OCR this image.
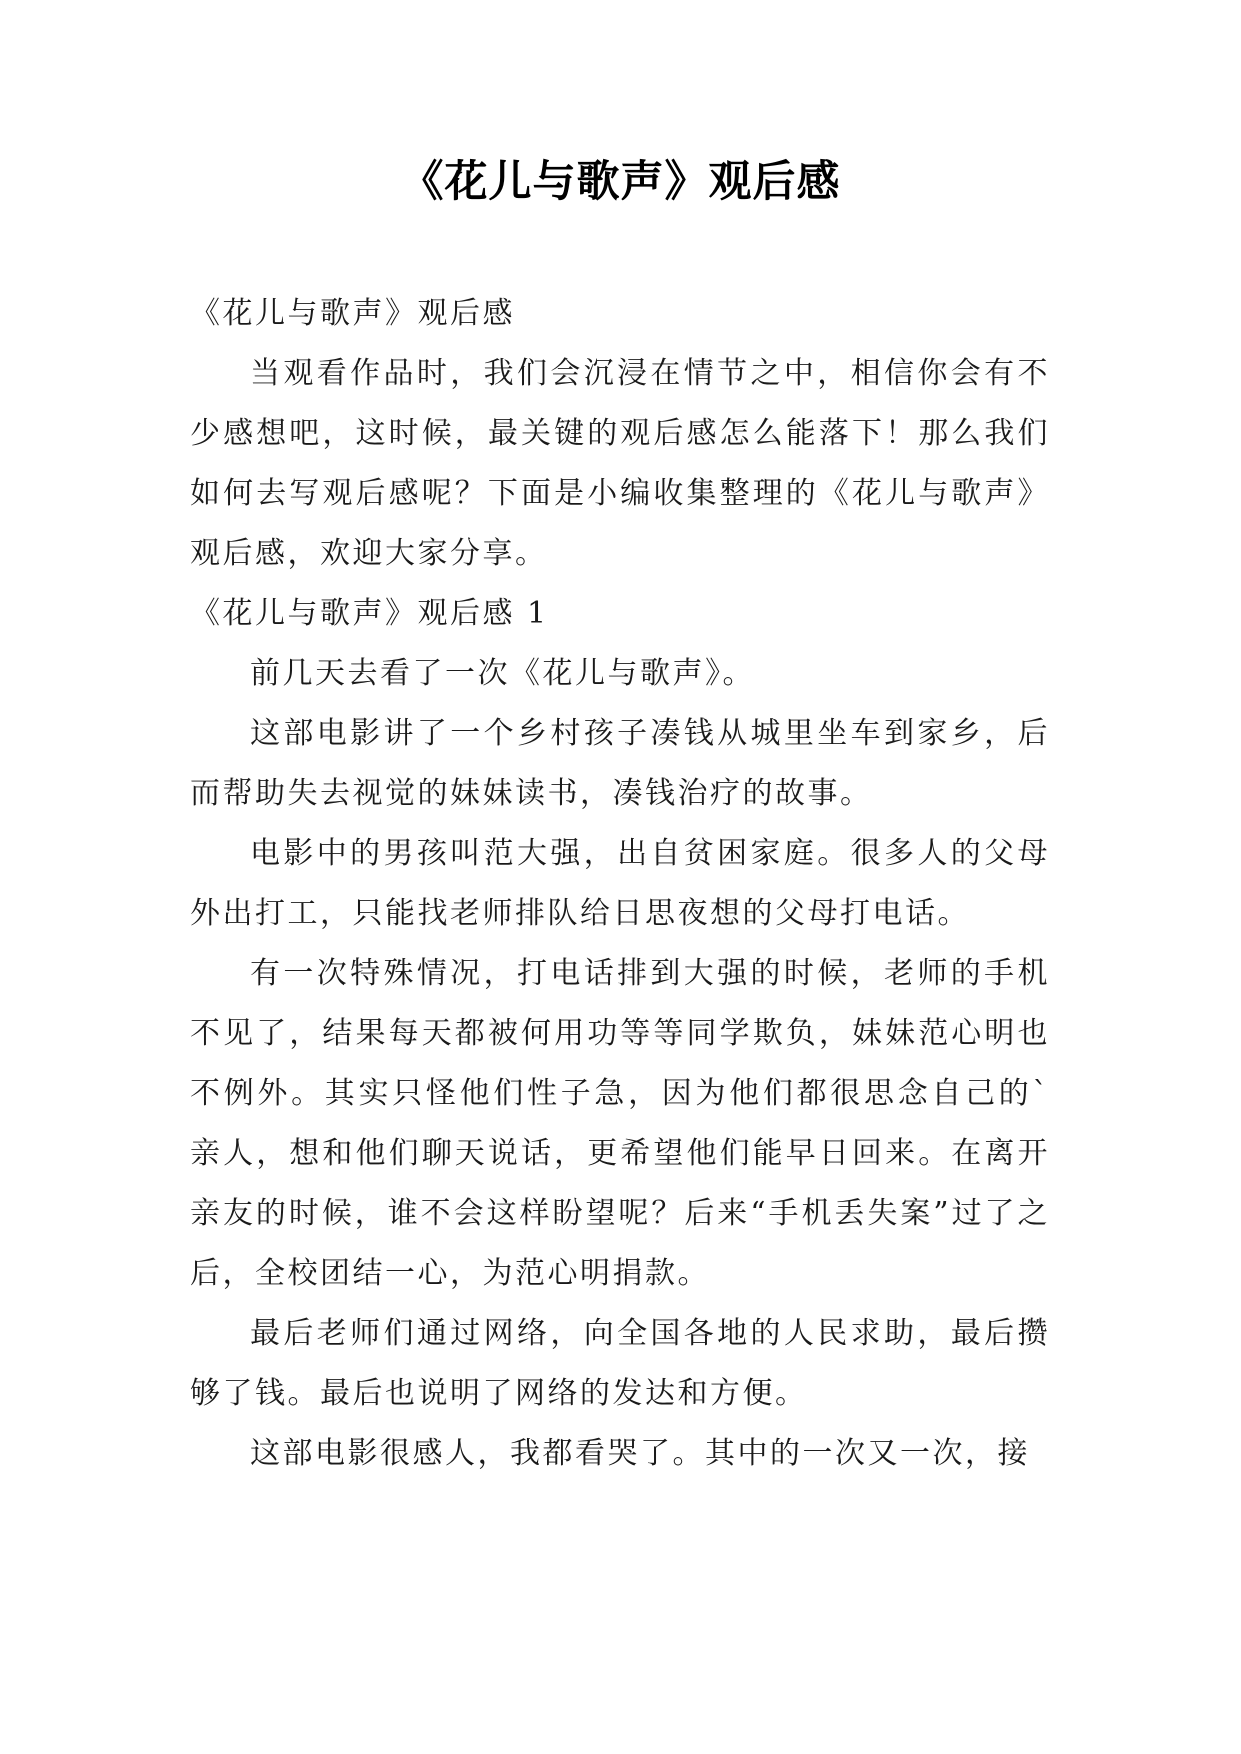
《花儿与歌声》观后感

《花儿与歌声》观后感

当观看作品时，我们会沉浸在情节之中，相信你会有不少感想吧，这时候，最关键的观后感怎么能落下！那么我们如何去写观后感呢？下面是小编收集整理的《花儿与歌声》观后感，欢迎大家分享。

《花儿与歌声》观后感 1

前几天去看了一次《花儿与歌声》。

这部电影讲了一个乡村孩子凑钱从城里坐车到家乡，后而帮助失去视觉的妹妹读书，凑钱治疗的故事。

电影中的男孩叫范大强，出自贫困家庭。很多人的父母外出打工，只能找老师排队给日思夜想的父母打电话。

有一次特殊情况，打电话排到大强的时候，老师的手机不见了，结果每天都被何用功等等同学欺负，妹妹范心明也不例外。其实只怪他们性子急，因为他们都很思念自己的`亲人，想和他们聊天说话，更希望他们能早日回来。在离开亲友的时候，谁不会这样盼望呢？后来“手机丢失案”过了之后，全校团结一心，为范心明捐款。

最后老师们通过网络，向全国各地的人民求助，最后攒够了钱。最后也说明了网络的发达和方便。

这部电影很感人，我都看哭了。其中的一次又一次，接
